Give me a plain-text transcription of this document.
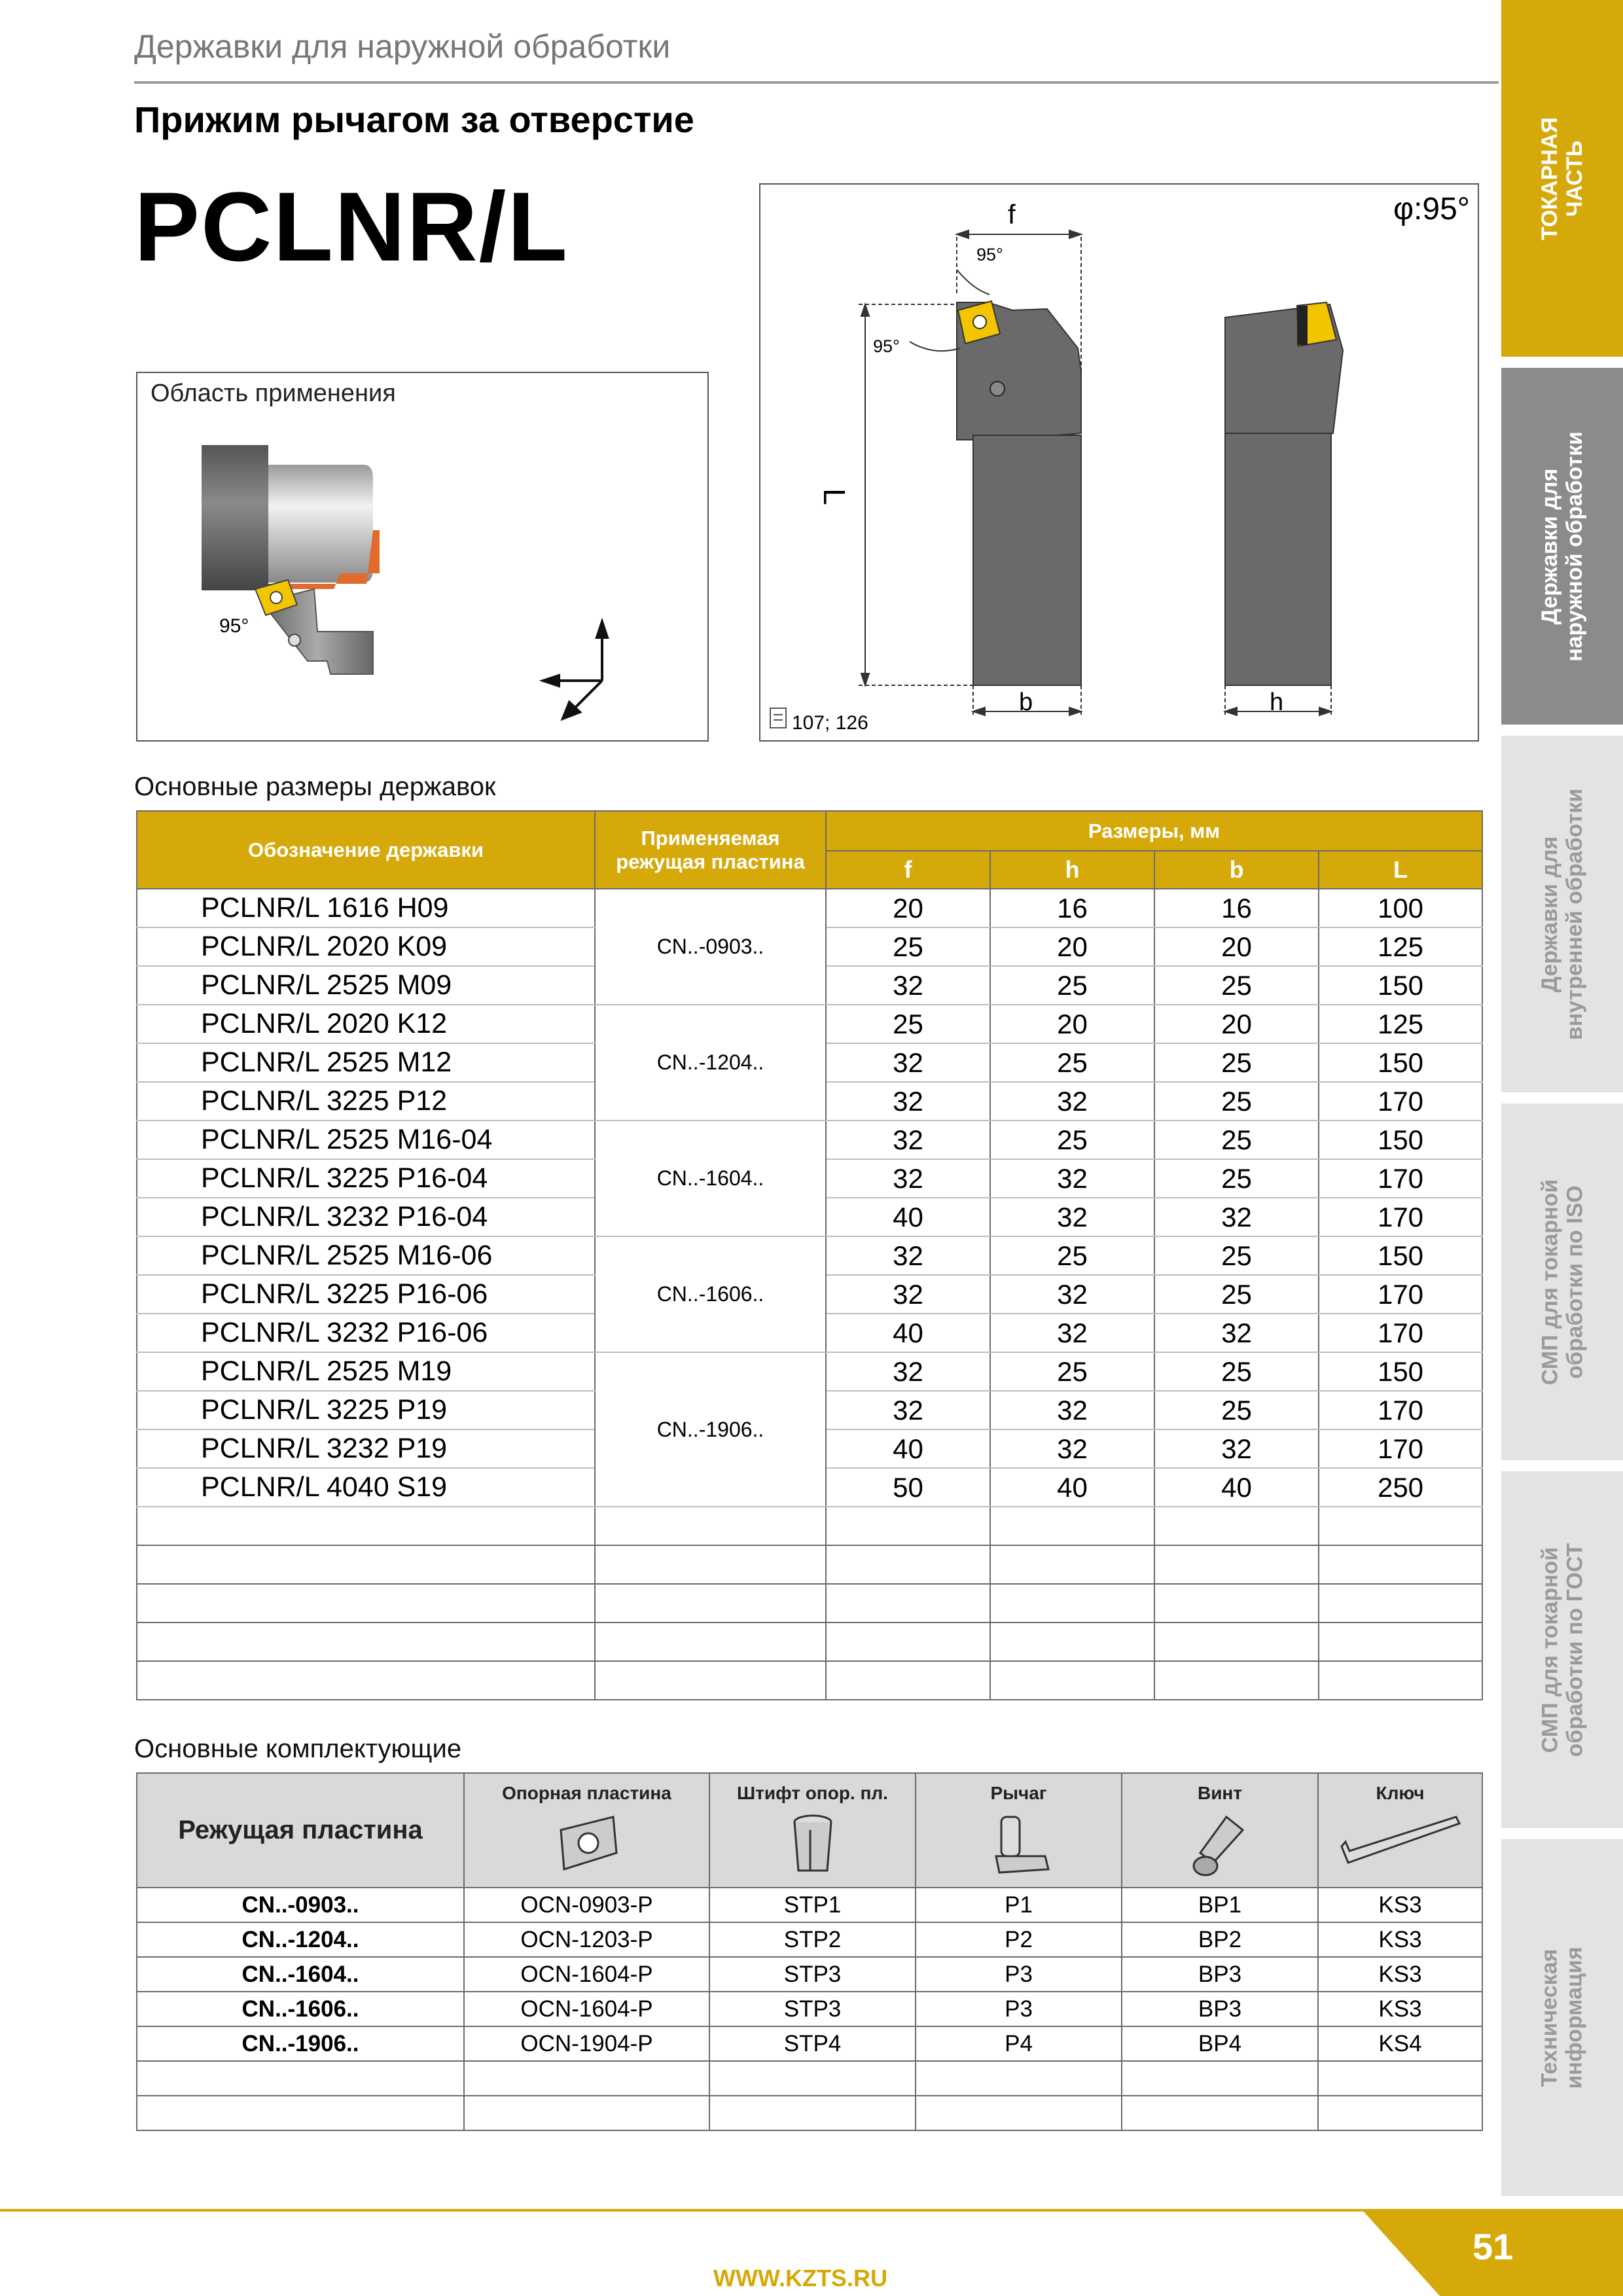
Державки для наружной обработки
Прижим рычагом за отверстие
PCLNR/L	ТОКАРНАЯ
ЧАСТЬ
Державки для
наружной обработки
Державки для
внутренней обработки
СМП для токарной
обработки по ISO
СМП для токарной
обработки по ГОСТ
Техническая
информация
Область применения
95°
f
95°
95°
L
b	h
φ:95°
107; 126
Основные размеры державок
Обозначение державки	Применяемая режущая пластина	Размеры, мм			
		f	h	b	L
PCLNR/L 1616 H09	CN..-0903..	20	16	16	100
PCLNR/L 2020 K09		25	20	20	125
PCLNR/L 2525 M09		32	25	25	150
PCLNR/L 2020 K12	CN..-1204..	25	20	20	125
PCLNR/L 2525 M12		32	25	25	150
PCLNR/L 3225 P12		32	32	25	170
PCLNR/L 2525 M16-04	CN..-1604..	32	25	25	150
PCLNR/L 3225 P16-04		32	32	25	170
PCLNR/L 3232 P16-04		40	32	32	170
PCLNR/L 2525 M16-06	CN..-1606..	32	25	25	150
PCLNR/L 3225 P16-06		32	32	25	170
PCLNR/L 3232 P16-06		40	32	32	170
PCLNR/L 2525 M19	CN..-1906..	32	25	25	150
PCLNR/L 3225 P19		32	32	25	170
PCLNR/L 3232 P19		40	32	32	170
PCLNR/L 4040 S19		50	40	40	250

Основные комплектующие
Режущая пластина	Опорная пластина	Штифт опор. пл.	Рычаг	Винт	Ключ

CN..-0903..	OCN-0903-P	STP1	P1	BP1	KS3
CN..-1204..	OCN-1203-P	STP2	P2	BP2	KS3
CN..-1604..	OCN-1604-P	STP3	P3	BP3	KS3
CN..-1606..	OCN-1604-P	STP3	P3	BP3	KS3
CN..-1906..	OCN-1904-P	STP4	P4	BP4	KS4

WWW.KZTS.RU
51
